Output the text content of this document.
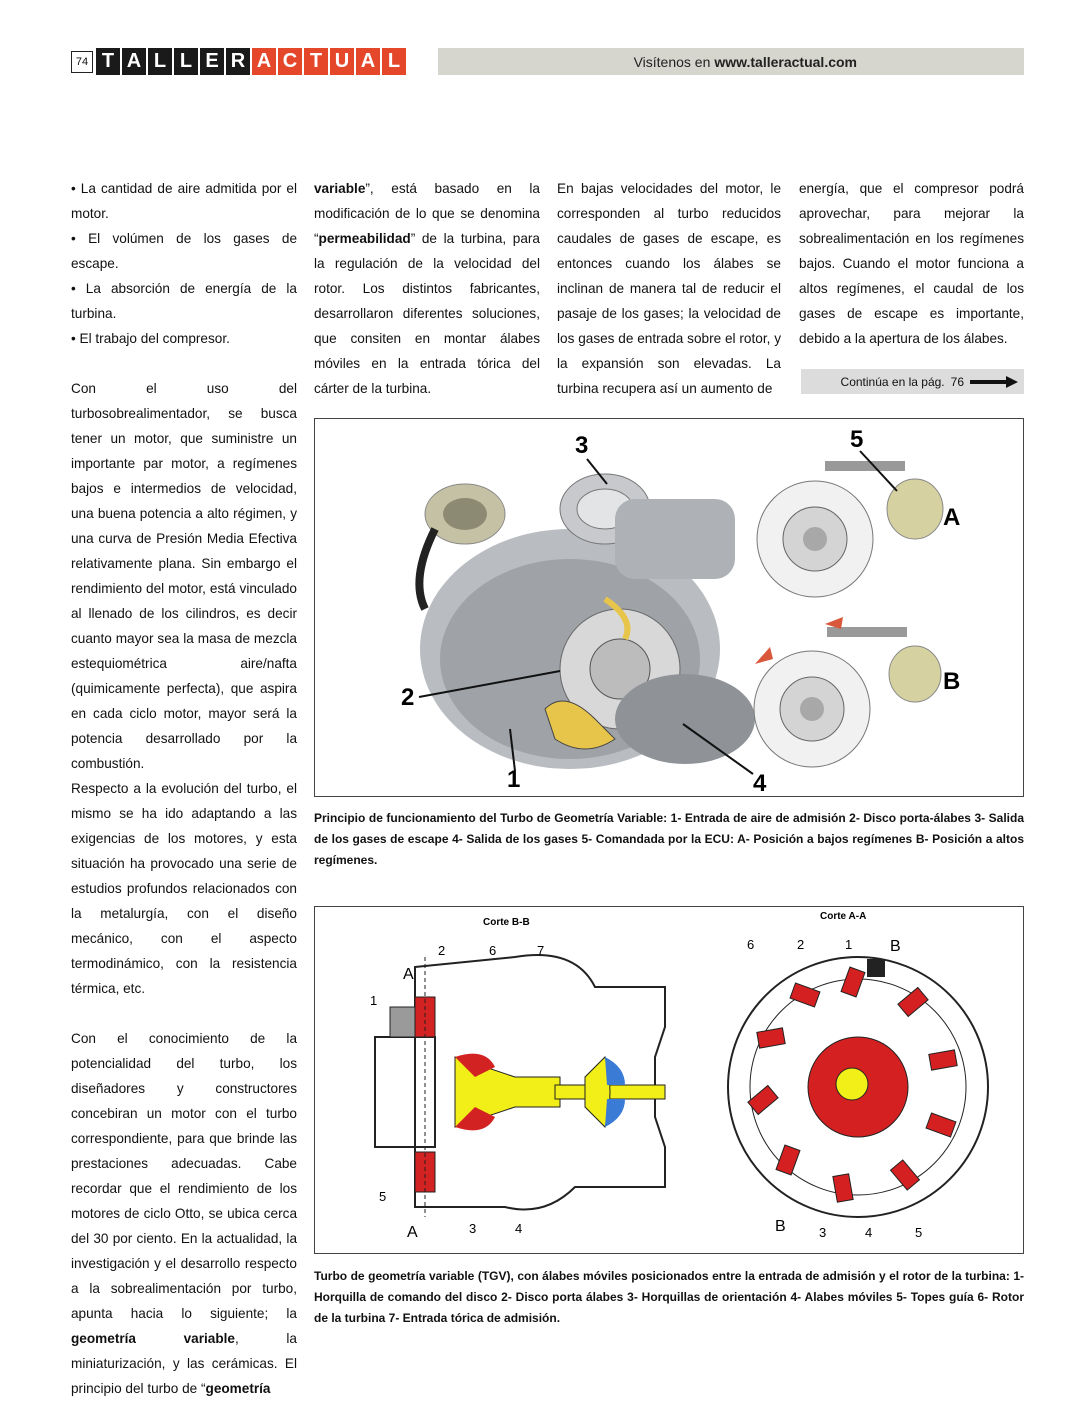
74 T A L L E R A C T U A L	Visítenos en www.talleractual.com

• La cantidad de aire admitida por el motor.

• El volúmen de los gases de escape.

• La absorción de energía de la turbina.

• El trabajo del compresor.

Con el uso del turbosobrealimentador, se busca tener un motor, que suministre un importante par motor, a regímenes bajos e intermedios de velocidad, una buena potencia a alto régimen, y una curva de Presión Media Efectiva relativamente plana. Sin embargo el rendimiento del motor, está vinculado al llenado de los cilindros, es decir cuanto mayor sea la masa de mezcla estequiométrica aire/nafta (quimicamente perfecta), que aspira en cada ciclo motor, mayor será la potencia desarrollado por la combustión.

Respecto a la evolución del turbo, el mismo se ha ido adaptando a las exigencias de los motores, y esta situación ha provocado una serie de estudios profundos relacionados con la metalurgía, con el diseño mecánico, con el aspecto termodinámico, con la resistencia térmica, etc.

Con el conocimiento de la potencialidad del turbo, los diseñadores y constructores concebiran un motor con el turbo correspondiente, para que brinde las prestaciones adecuadas. Cabe recordar que el rendimiento de los motores de ciclo Otto, se ubica cerca del 30 por ciento. En la actualidad, la investigación y el desarrollo respecto a la sobrealimentación por turbo, apunta hacia lo siguiente; la geometría variable, la miniaturización, y las cerámicas. El principio del turbo de “geometría

variable”, está basado en la modificación de lo que se denomina “permeabilidad” de la turbina, para la regulación de la velocidad del rotor. Los distintos fabricantes, desarrollaron diferentes soluciones, que consiten en montar álabes móviles en la entrada tórica del cárter de la turbina.

En bajas velocidades del motor, le corresponden al turbo reducidos caudales de gases de escape, es entonces cuando los álabes se inclinan de manera tal de reducir el pasaje de los gases; la velocidad de los gases de entrada sobre el rotor, y la expansión son elevadas. La turbina recupera así un aumento de

energía, que el compresor podrá aprovechar, para mejorar la sobrealimentación en los regímenes bajos. Cuando el motor funciona a altos regímenes, el caudal de los gases de escape es importante, debido a la apertura de los álabes.

Continúa en la pág. 76
3	5
A
B
2
1	4
Principio de funcionamiento del Turbo de Geometría Variable: 1- Entrada de aire de admisión 2- Disco porta-álabes 3- Salida de los gases de escape 4- Salida de los gases 5- Comandada por la ECU: A- Posición a bajos regímenes B- Posición a altos regímenes.
Corte B-B
Corte A-A
A
A
1
2	6	7
5
3	4
6	2	1 B
B	3	4	5
Turbo de geometría variable (TGV), con álabes móviles posicionados entre la entrada de admisión y el rotor de la turbina: 1- Horquilla de comando del disco 2- Disco porta álabes 3- Horquillas de orientación 4- Alabes móviles 5- Topes guía 6- Rotor de la turbina 7- Entrada tórica de admisión.
